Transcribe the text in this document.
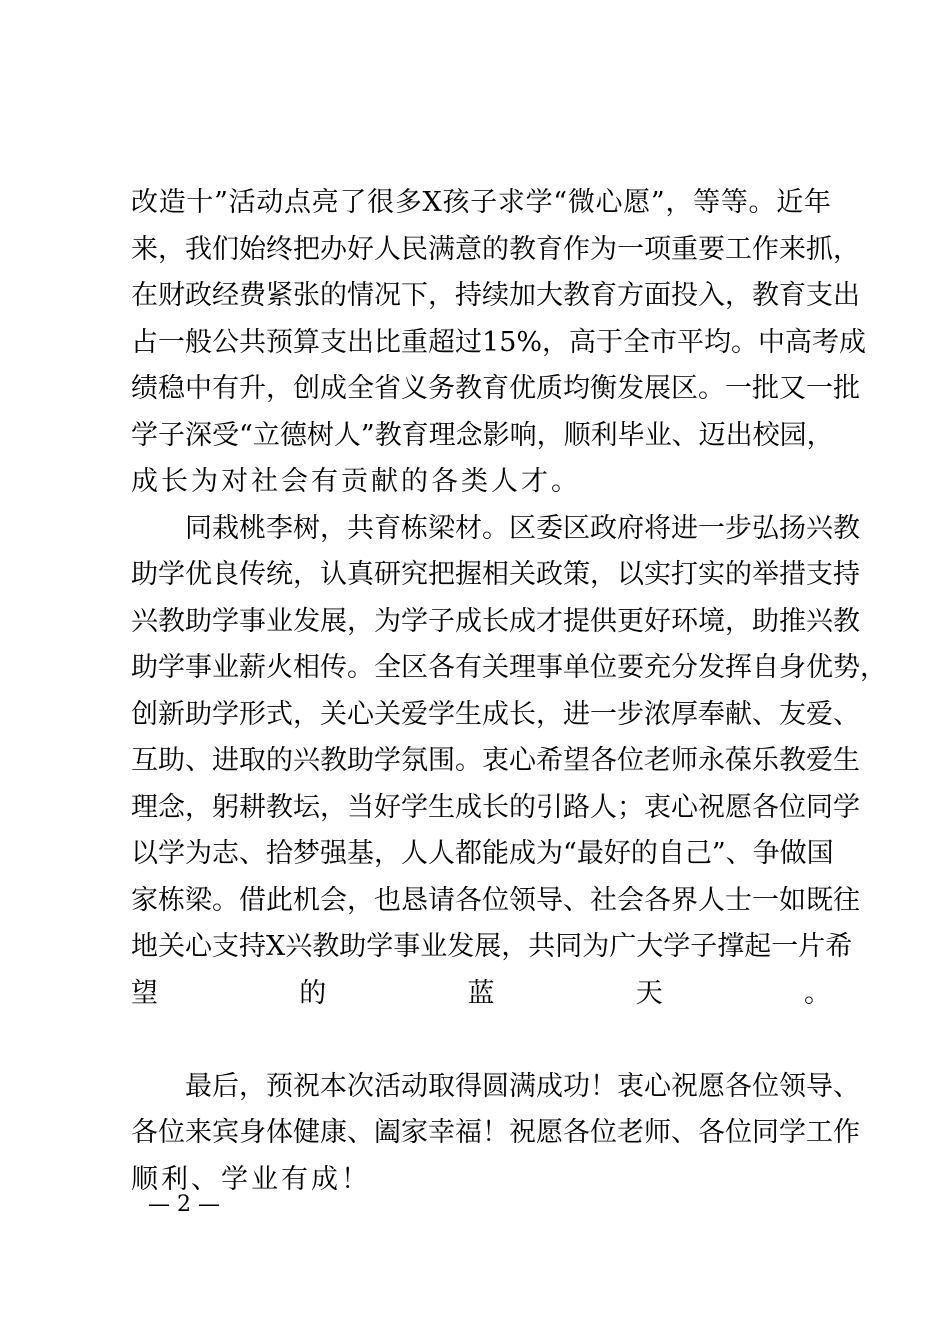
改 造 十 ” 活 动 点 亮 了 很 多 X 孩 子 求 学 “ 微 心 愿 ” ， 等 等 。 近 年
来 ， 我 们 始 终 把 办 好 人 民 满 意 的 教 育 作 为 一 项 重 要 工 作 来 抓 ，
在 财 政 经 费 紧 张 的 情 况 下 ， 持 续 加 大 教 育 方 面 投 入 ， 教 育 支 出
占 一 般 公 共 预 算 支 出 比 重 超 过 1 5 % ， 高 于 全 市 平 均 。 中 高 考 成
绩 稳 中 有 升 ， 创 成 全 省 义 务 教 育 优 质 均 衡 发 展 区 。 一 批 又 一 批
学 子 深 受 “ 立 德 树 人 ” 教 育 理 念 影 响 ， 顺 利 毕 业 、 迈 出 校 园 ，
成长为对社会有贡献的各类人才。
同 栽 桃 李 树 ， 共 育 栋 梁 材 。 区 委 区 政 府 将 进 一 步 弘 扬 兴 教
助 学 优 良 传 统 ， 认 真 研 究 把 握 相 关 政 策 ， 以 实 打 实 的 举 措 支 持
兴 教 助 学 事 业 发 展 ， 为 学 子 成 长 成 才 提 供 更 好 环 境 ， 助 推 兴 教
助 学 事 业 薪 火 相 传 。 全 区 各 有 关 理 事 单 位 要 充 分 发 挥 自 身 优 势 ，
创 新 助 学 形 式 ， 关 心 关 爱 学 生 成 长 ， 进 一 步 浓 厚 奉 献 、 友 爱 、
互 助 、 进 取 的 兴 教 助 学 氛 围 。 衷 心 希 望 各 位 老 师 永 葆 乐 教 爱 生
理 念 ， 躬 耕 教 坛 ， 当 好 学 生 成 长 的 引 路 人 ； 衷 心 祝 愿 各 位 同 学
以 学 为 志 、 拾 梦 强 基 ， 人 人 都 能 成 为 “ 最 好 的 自 己 ” 、 争 做 国
家 栋 梁 。 借 此 机 会 ， 也 恳 请 各 位 领 导 、 社 会 各 界 人 士 一 如 既 往
地 关 心 支 持 X 兴 教 助 学 事 业 发 展 ， 共 同 为 广 大 学 子 撑 起 一 片 希
望	的	蓝	天	。
最 后 ， 预 祝 本 次 活 动 取 得 圆 满 成 功 ！ 衷 心 祝 愿 各 位 领 导 、
各 位 来 宾 身 体 健 康 、 阖 家 幸 福 ！ 祝 愿 各 位 老 师 、 各 位 同 学 工 作
顺利、学业有成！
— 2 —
